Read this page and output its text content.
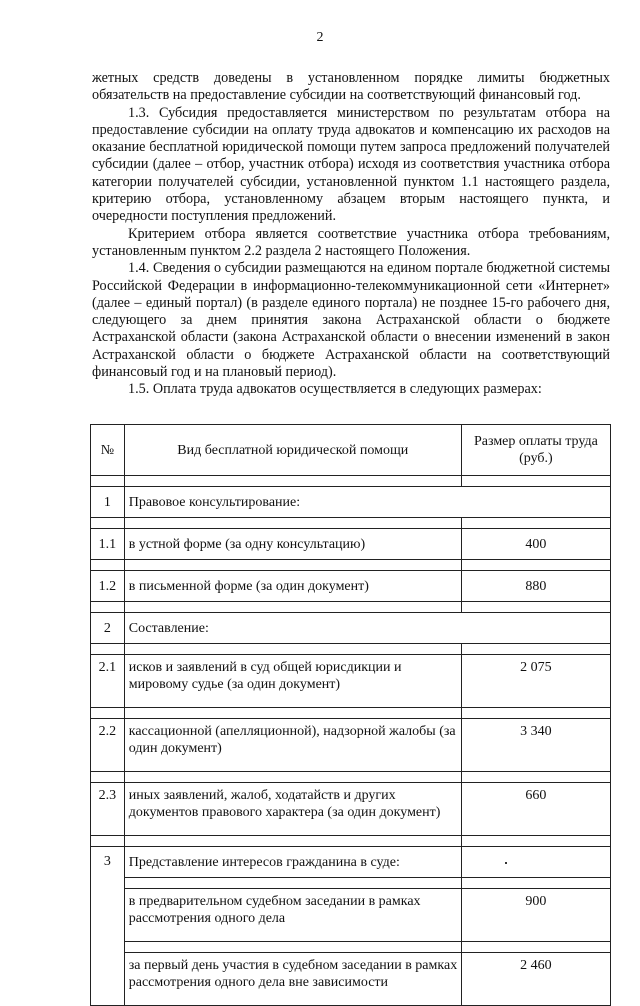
2

жетных средств доведены в установленном порядке лимиты бюджетных обязательств на предоставление субсидии на соответствующий финансовый год.

1.3. Субсидия предоставляется министерством по результатам отбора на предоставление субсидии на оплату труда адвокатов и компенсацию их расходов на оказание бесплатной юридической помощи путем запроса предложений получателей субсидии (далее – отбор, участник отбора) исходя из соответствия участника отбора категории получателей субсидии, установленной пунктом 1.1 настоящего раздела, критерию отбора, установленному абзацем вторым настоящего пункта, и очередности поступления предложений.

Критерием отбора является соответствие участника отбора требованиям, установленным пунктом 2.2 раздела 2 настоящего Положения.

1.4. Сведения о субсидии размещаются на едином портале бюджетной системы Российской Федерации в информационно-телекоммуникационной сети «Интернет» (далее – единый портал) (в разделе единого портала) не позднее 15-го рабочего дня, следующего за днем принятия закона Астраханской области о бюджете Астраханской области (закона Астраханской области о внесении изменений в закон Астраханской области о бюджете Астраханской области на соответствующий финансовый год и на плановый период).

1.5. Оплата труда адвокатов осуществляется в следующих размерах:

№	Вид бесплатной юридической помощи	Размер оплаты труда (руб.)

1	Правовое консультирование:	

1.1	в устной форме (за одну консультацию)	400

1.2	в письменной форме (за один документ)	880

2	Составление:	

2.1	исков и заявлений в суд общей юрисдикции и мировому судье (за один документ)	2 075

2.2	кассационной (апелляционной), надзорной жалобы (за один документ)	3 340

2.3	иных заявлений, жалоб, ходатайств и других документов правового характера (за один документ)	660

3	Представление интересов гражданина в суде:	

	в предварительном судебном заседании в рамках рассмотрения одного дела	900

	за первый день участия в судебном заседании в рамках рассмотрения одного дела вне зависимости	2 460
